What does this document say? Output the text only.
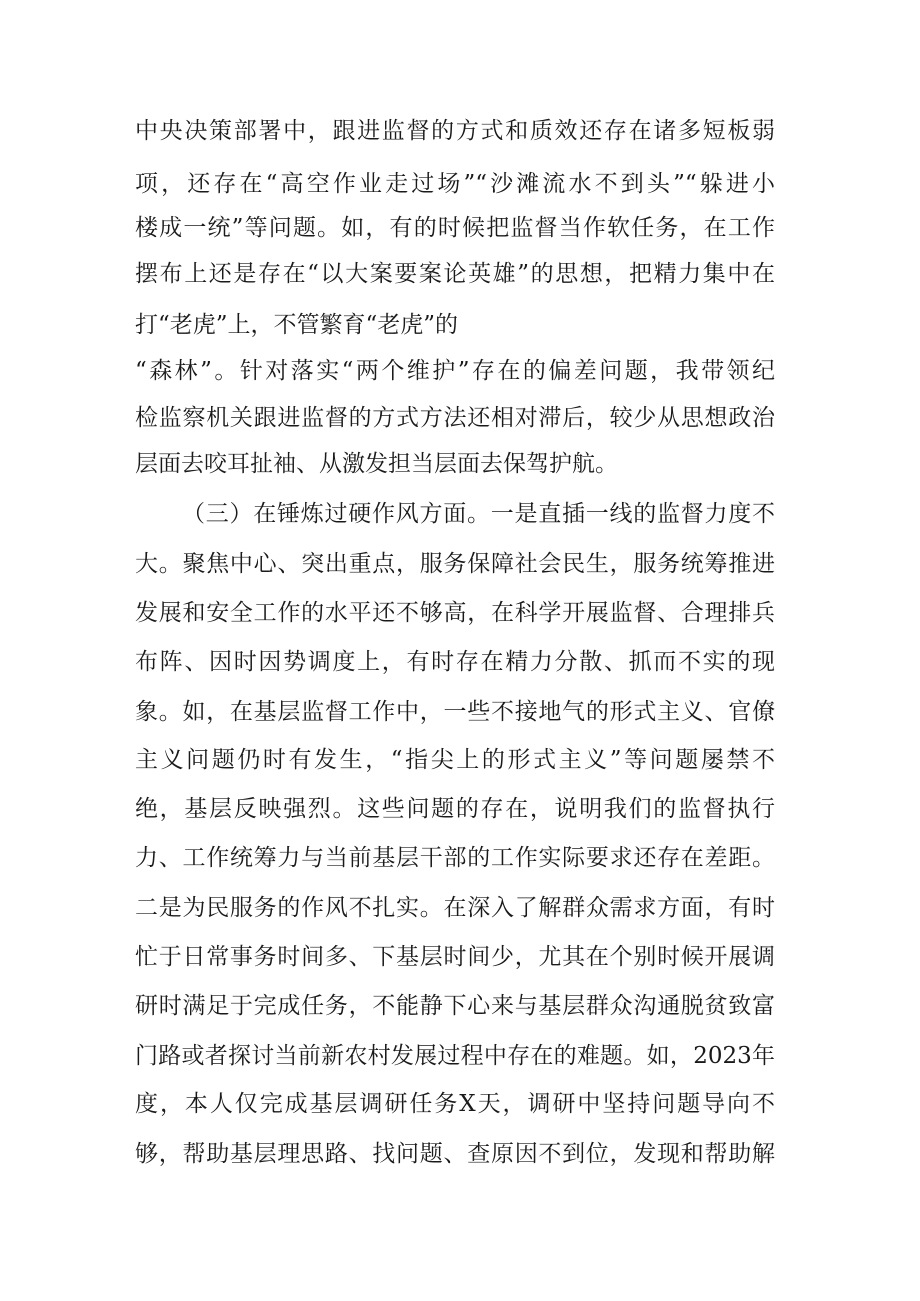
中央决策部署中，跟进监督的方式和质效还存在诸多短板弱
项，还存在“高空作业走过场”“沙滩流水不到头”“躲进小
楼成一统”等问题。如，有的时候把监督当作软任务，在工作
摆布上还是存在“以大案要案论英雄”的思想，把精力集中在
打“老虎”上，不管繁育“老虎”的
“森林”。针对落实“两个维护”存在的偏差问题，我带领纪
检监察机关跟进监督的方式方法还相对滞后，较少从思想政治
层面去咬耳扯袖、从激发担当层面去保驾护航。
（三）在锤炼过硬作风方面。一是直插一线的监督力度不
大。聚焦中心、突出重点，服务保障社会民生，服务统筹推进
发展和安全工作的水平还不够高，在科学开展监督、合理排兵
布阵、因时因势调度上，有时存在精力分散、抓而不实的现
象。如，在基层监督工作中，一些不接地气的形式主义、官僚
主义问题仍时有发生，“指尖上的形式主义”等问题屡禁不
绝，基层反映强烈。这些问题的存在，说明我们的监督执行
力、工作统筹力与当前基层干部的工作实际要求还存在差距。
二是为民服务的作风不扎实。在深入了解群众需求方面，有时
忙于日常事务时间多、下基层时间少，尤其在个别时候开展调
研时满足于完成任务，不能静下心来与基层群众沟通脱贫致富
门路或者探讨当前新农村发展过程中存在的难题。如，2023年
度，本人仅完成基层调研任务X天，调研中坚持问题导向不
够，帮助基层理思路、找问题、查原因不到位，发现和帮助解
